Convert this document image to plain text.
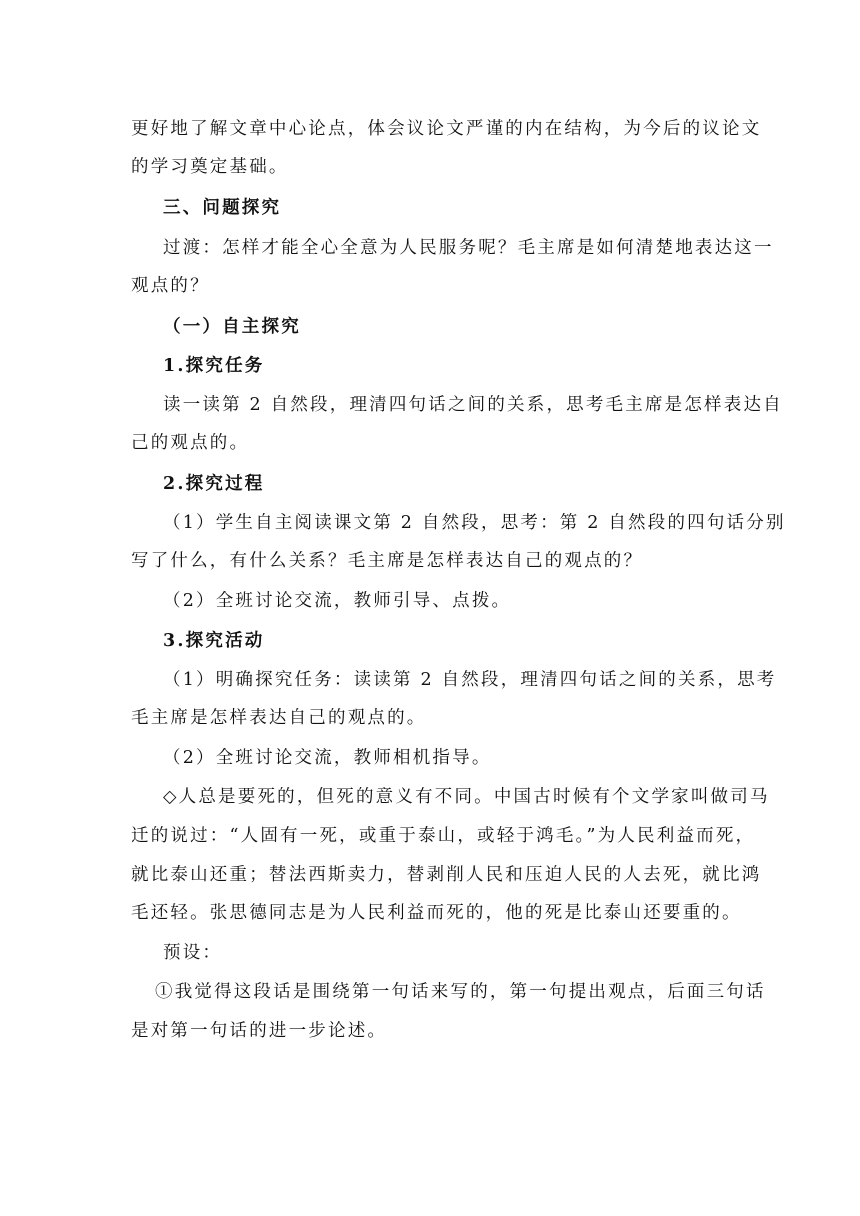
更好地了解文章中心论点，体会议论文严谨的内在结构，为今后的议论文
的学习奠定基础。
三、问题探究
过渡：怎样才能全心全意为人民服务呢？毛主席是如何清楚地表达这一
观点的？
（一）自主探究
1.探究任务
读一读第 2 自然段，理清四句话之间的关系，思考毛主席是怎样表达自
己的观点的。
2.探究过程
（1）学生自主阅读课文第 2 自然段，思考：第 2 自然段的四句话分别
写了什么，有什么关系？毛主席是怎样表达自己的观点的？
（2）全班讨论交流，教师引导、点拨。
3.探究活动
（1）明确探究任务：读读第 2 自然段，理清四句话之间的关系，思考
毛主席是怎样表达自己的观点的。
（2）全班讨论交流，教师相机指导。
◇人总是要死的，但死的意义有不同。中国古时候有个文学家叫做司马
迁的说过：“人固有一死，或重于泰山，或轻于鸿毛。”为人民利益而死，
就比泰山还重；替法西斯卖力，替剥削人民和压迫人民的人去死，就比鸿
毛还轻。张思德同志是为人民利益而死的，他的死是比泰山还要重的。
预设：
①我觉得这段话是围绕第一句话来写的，第一句提出观点，后面三句话
是对第一句话的进一步论述。
